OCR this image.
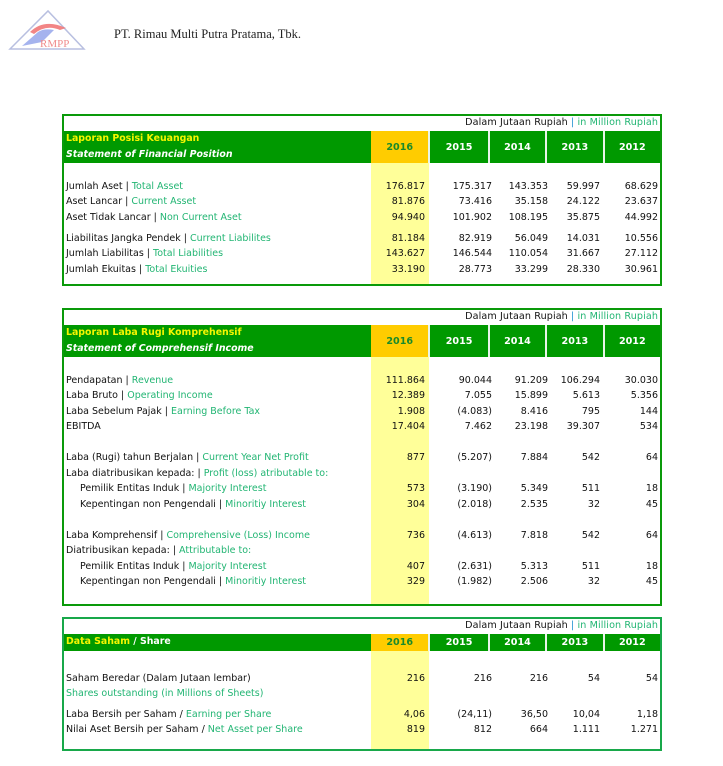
RMPP
PT. Rimau Multi Putra Pratama, Tbk.
Dalam Jutaan Rupiah | in Million Rupiah
Laporan Posisi Keuangan
Statement of Financial Position
2016	2015	2014	2013	2012
Jumlah Aset | Total Asset	176.817	175.317	143.353	59.997	68.629
Aset Lancar | Current Asset	81.876	73.416	35.158	24.122	23.637
Aset Tidak Lancar | Non Current Aset	94.940	101.902	108.195	35.875	44.992
Liabilitas Jangka Pendek | Current Liabilites	81.184	82.919	56.049	14.031	10.556
Jumlah Liabilitas | Total Liabilities	143.627	146.544	110.054	31.667	27.112
Jumlah Ekuitas | Total Ekuities	33.190	28.773	33.299	28.330	30.961
Dalam Jutaan Rupiah | in Million Rupiah
Laporan Laba Rugi Komprehensif
Statement of Comprehensif Income
2016	2015	2014	2013	2012
Pendapatan | Revenue	111.864	90.044	91.209	106.294	30.030
Laba Bruto | Operating Income	12.389	7.055	15.899	5.613	5.356
Laba Sebelum Pajak | Earning Before Tax	1.908	(4.083)	8.416	795	144
EBITDA	17.404	7.462	23.198	39.307	534
Laba (Rugi) tahun Berjalan | Current Year Net Profit	877	(5.207)	7.884	542	64
Laba diatribusikan kepada: | Profit (loss) atributable to:
Pemilik Entitas Induk | Majority Interest	573	(3.190)	5.349	511	18
Kepentingan non Pengendali | Minoritiy Interest	304	(2.018)	2.535	32	45
Laba Komprehensif | Comprehensive (Loss) Income	736	(4.613)	7.818	542	64
Diatribusikan kepada: | Attributable to:
Pemilik Entitas Induk | Majority Interest	407	(2.631)	5.313	511	18
Kepentingan non Pengendali | Minoritiy Interest	329	(1.982)	2.506	32	45
Dalam Jutaan Rupiah | in Million Rupiah
Data Saham / Share	2016	2015	2014	2013	2012
Saham Beredar (Dalam Jutaan lembar)	216	216	216	54	54
Shares outstanding (in Millions of Sheets)
Laba Bersih per Saham / Earning per Share	4,06	(24,11)	36,50	10,04	1,18
Nilai Aset Bersih per Saham / Net Asset per Share	819	812	664	1.111	1.271
